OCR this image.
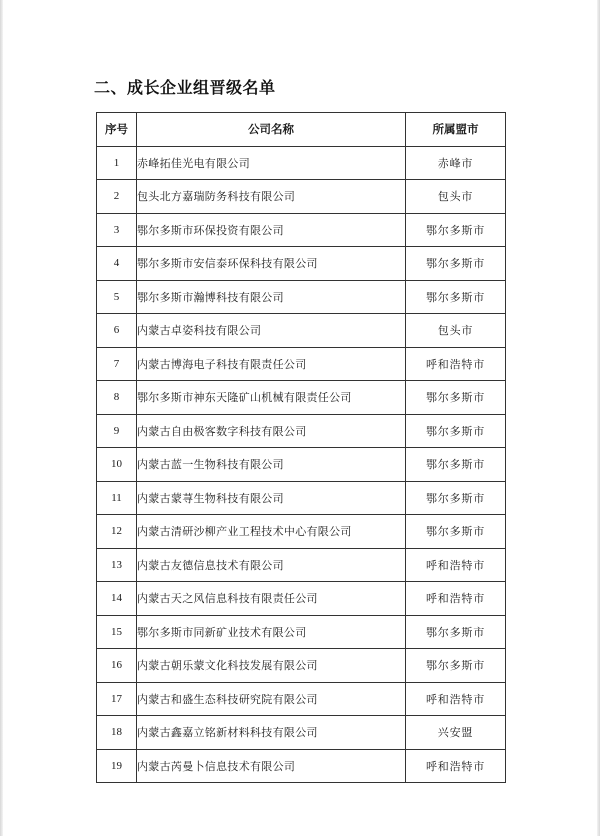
二、成长企业组晋级名单
序号	公司名称	所属盟市
1	赤峰拓佳光电有限公司	赤峰市
2	包头北方嘉瑞防务科技有限公司	包头市
3	鄂尔多斯市环保投资有限公司	鄂尔多斯市
4	鄂尔多斯市安信泰环保科技有限公司	鄂尔多斯市
5	鄂尔多斯市瀚博科技有限公司	鄂尔多斯市
6	内蒙古卓姿科技有限公司	包头市
7	内蒙古博海电子科技有限责任公司	呼和浩特市
8	鄂尔多斯市神东天隆矿山机械有限责任公司	鄂尔多斯市
9	内蒙古自由极客数字科技有限公司	鄂尔多斯市
10	内蒙古蓝一生物科技有限公司	鄂尔多斯市
11	内蒙古蒙荨生物科技有限公司	鄂尔多斯市
12	内蒙古清研沙柳产业工程技术中心有限公司	鄂尔多斯市
13	内蒙古友德信息技术有限公司	呼和浩特市
14	内蒙古天之风信息科技有限责任公司	呼和浩特市
15	鄂尔多斯市同新矿业技术有限公司	鄂尔多斯市
16	内蒙古朝乐蒙文化科技发展有限公司	鄂尔多斯市
17	内蒙古和盛生态科技研究院有限公司	呼和浩特市
18	内蒙古鑫嘉立铭新材料科技有限公司	兴安盟
19	内蒙古芮曼卜信息技术有限公司	呼和浩特市
